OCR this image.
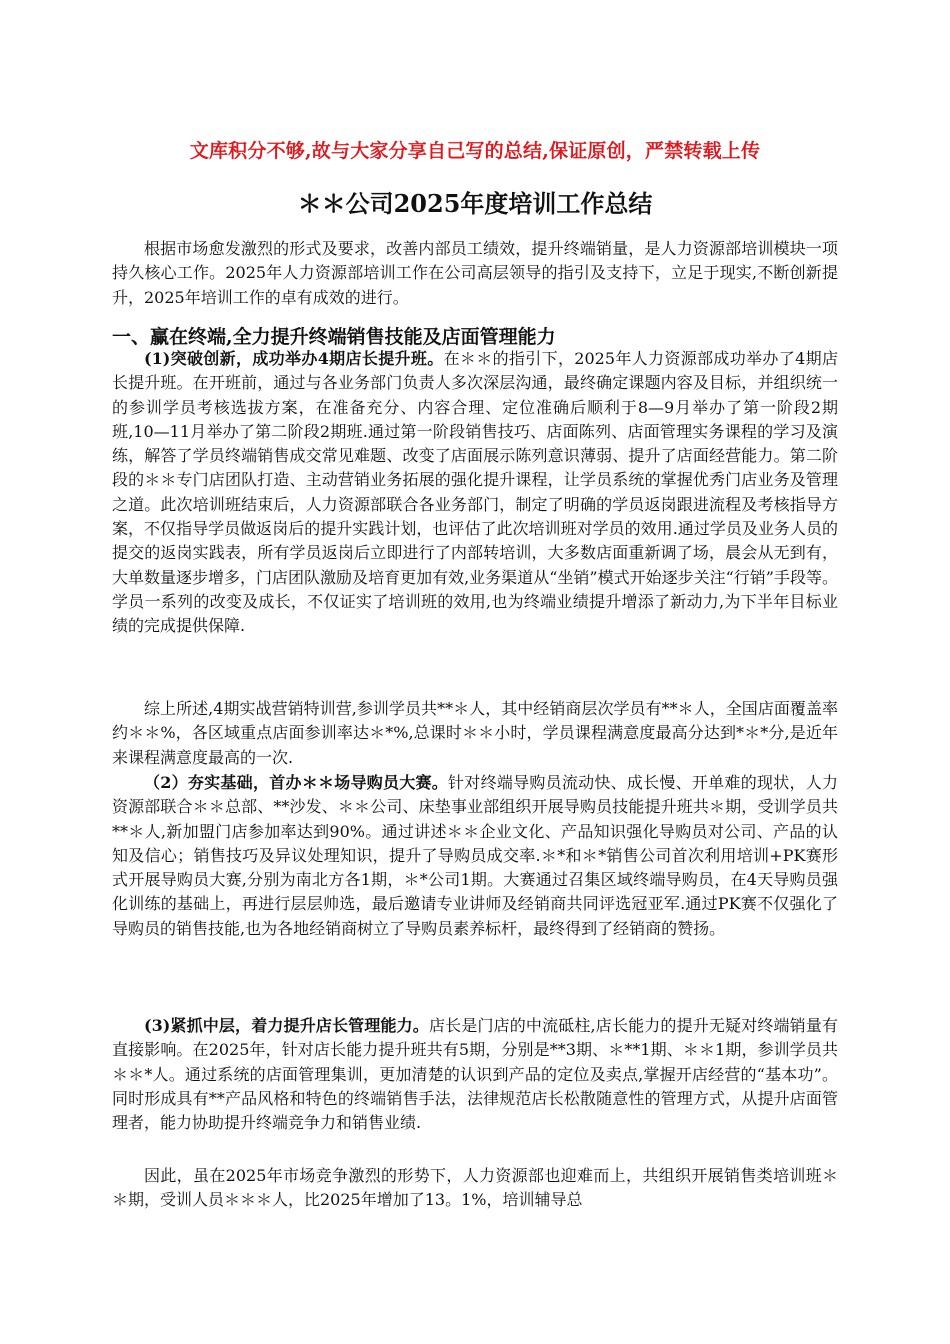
文库积分不够,故与大家分享自己写的总结,保证原创，严禁转载上传
＊＊公司2025年度培训工作总结

根据市场愈发激烈的形式及要求，改善内部员工绩效，提升终端销量，是人力资源部培训模块一项持久核心工作。2025年人力资源部培训工作在公司高层领导的指引及支持下，立足于现实,不断创新提升，2025年培训工作的卓有成效的进行。

一、赢在终端,全力提升终端销售技能及店面管理能力

(1)突破创新，成功举办4期店长提升班。在＊＊的指引下，2025年人力资源部成功举办了4期店长提升班。在开班前，通过与各业务部门负责人多次深层沟通，最终确定课题内容及目标，并组织统一的参训学员考核选拔方案，在准备充分、内容合理、定位准确后顺利于8—9月举办了第一阶段2期班,10—11月举办了第二阶段2期班.通过第一阶段销售技巧、店面陈列、店面管理实务课程的学习及演练，解答了学员终端销售成交常见难题、改变了店面展示陈列意识薄弱、提升了店面经营能力。第二阶段的＊＊专门店团队打造、主动营销业务拓展的强化提升课程，让学员系统的掌握优秀门店业务及管理之道。此次培训班结束后，人力资源部联合各业务部门，制定了明确的学员返岗跟进流程及考核指导方案，不仅指导学员做返岗后的提升实践计划，也评估了此次培训班对学员的效用.通过学员及业务人员的提交的返岗实践表，所有学员返岗后立即进行了内部转培训，大多数店面重新调了场，晨会从无到有，大单数量逐步增多，门店团队激励及培育更加有效,业务渠道从“坐销”模式开始逐步关注“行销”手段等。学员一系列的改变及成长，不仅证实了培训班的效用,也为终端业绩提升增添了新动力,为下半年目标业绩的完成提供保障.

综上所述,4期实战营销特训营,参训学员共**＊人，其中经销商层次学员有**＊人，全国店面覆盖率约＊＊%，各区域重点店面参训率达＊*%,总课时＊＊小时，学员课程满意度最高分达到*＊*分,是近年来课程满意度最高的一次.

（2）夯实基础，首办＊＊场导购员大赛。针对终端导购员流动快、成长慢、开单难的现状，人力资源部联合＊＊总部、**沙发、＊＊公司、床垫事业部组织开展导购员技能提升班共＊期，受训学员共**＊人,新加盟门店参加率达到90%。通过讲述＊＊企业文化、产品知识强化导购员对公司、产品的认知及信心；销售技巧及异议处理知识，提升了导购员成交率.＊*和＊*销售公司首次利用培训+PK赛形式开展导购员大赛,分别为南北方各1期，＊*公司1期。大赛通过召集区域终端导购员，在4天导购员强化训练的基础上，再进行层层帅选，最后邀请专业讲师及经销商共同评选冠亚军.通过PK赛不仅强化了导购员的销售技能,也为各地经销商树立了导购员素养标杆，最终得到了经销商的赞扬。

(3)紧抓中层，着力提升店长管理能力。店长是门店的中流砥柱,店长能力的提升无疑对终端销量有直接影响。在2025年，针对店长能力提升班共有5期，分别是**3期、＊**1期、＊＊1期，参训学员共＊＊*人。通过系统的店面管理集训，更加清楚的认识到产品的定位及卖点,掌握开店经营的“基本功”。同时形成具有**产品风格和特色的终端销售手法，法律规范店长松散随意性的管理方式，从提升店面管理者，能力协助提升终端竞争力和销售业绩.

因此，虽在2025年市场竞争激烈的形势下，人力资源部也迎难而上，共组织开展销售类培训班＊＊期，受训人员＊＊＊人，比2025年增加了13。1%，培训辅导总
